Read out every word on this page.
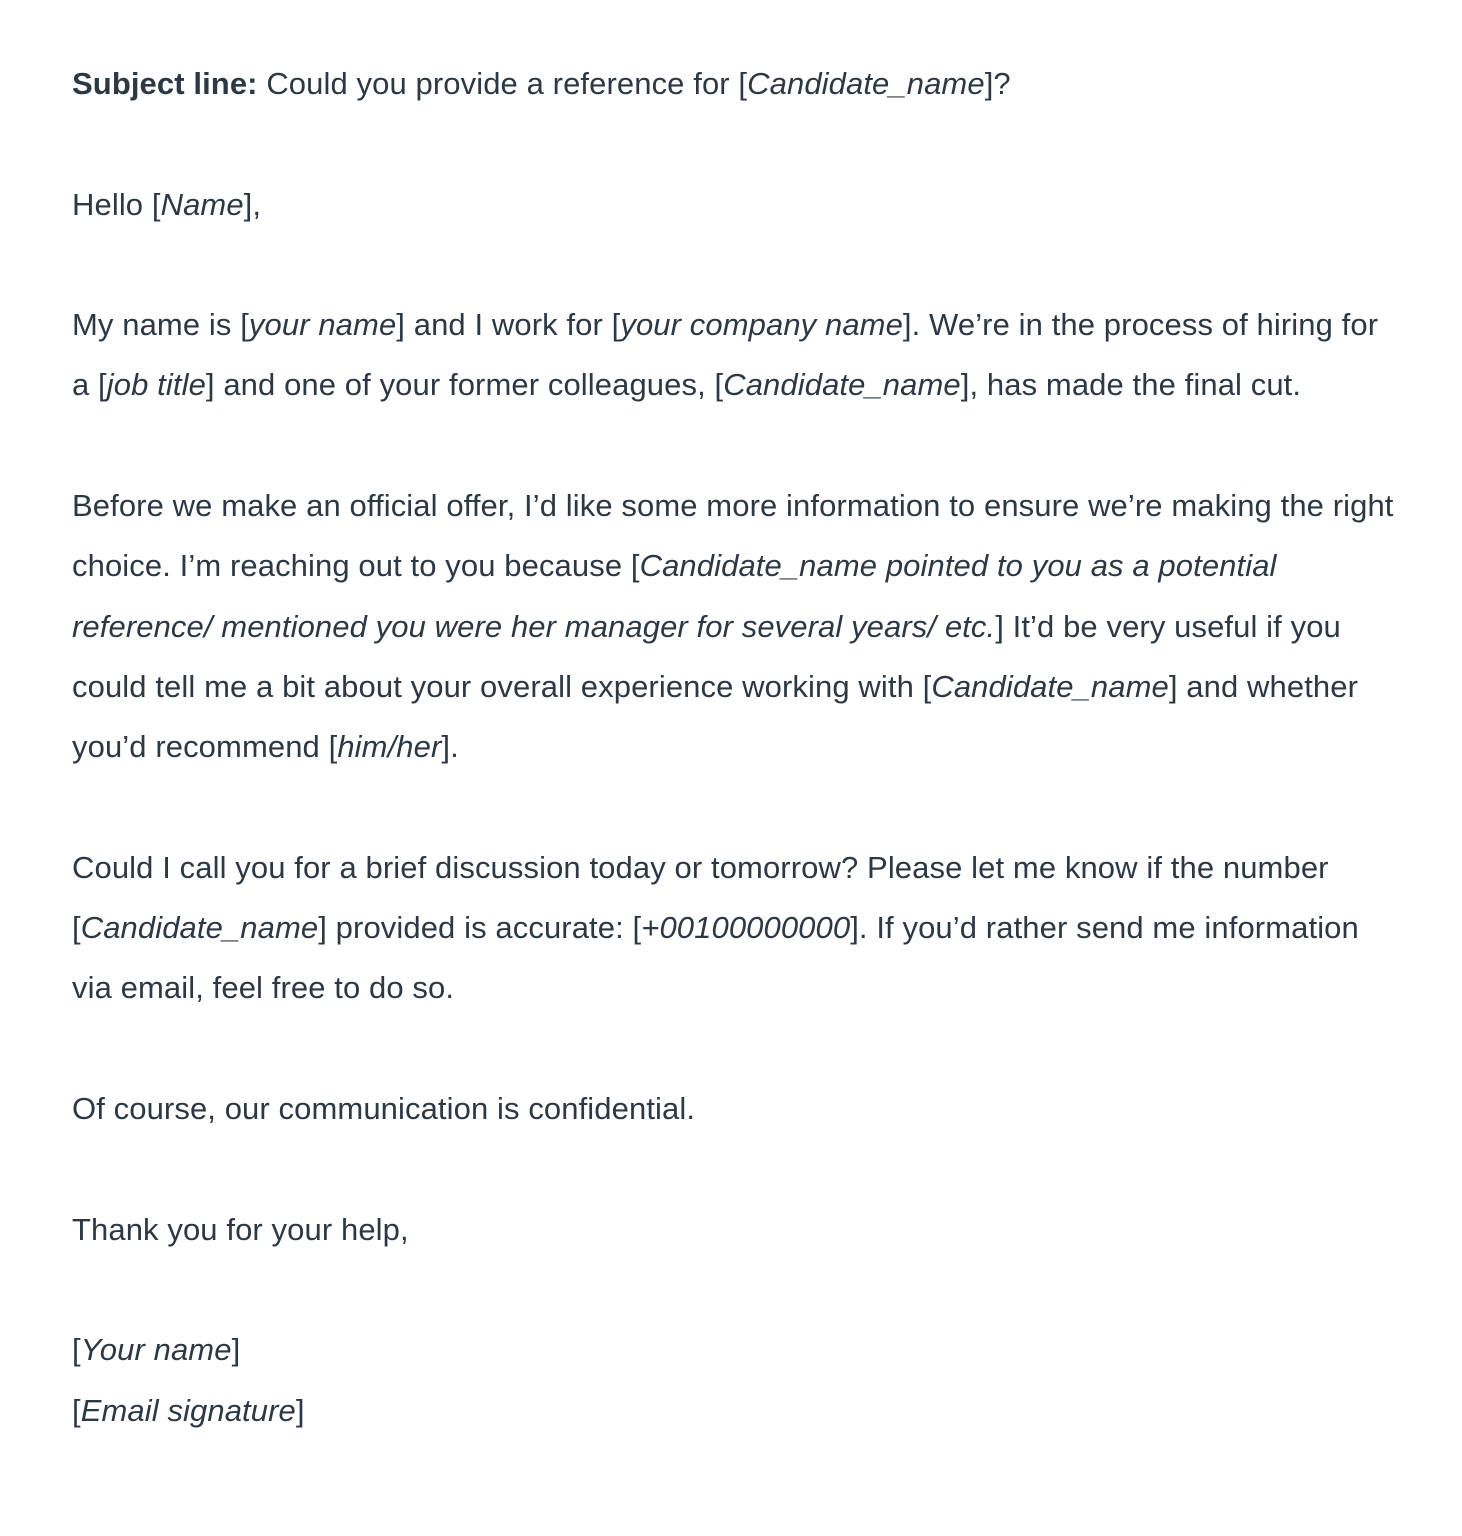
Subject line: Could you provide a reference for [Candidate_name]?

Hello [Name],

My name is [your name] and I work for [your company name]. We’re in the process of hiring for a [job title] and one of your former colleagues, [Candidate_name], has made the final cut.

Before we make an official offer, I’d like some more information to ensure we’re making the right choice. I’m reaching out to you because [Candidate_name pointed to you as a potential reference/ mentioned you were her manager for several years/ etc.] It’d be very useful if you could tell me a bit about your overall experience working with [Candidate_name] and whether you’d recommend [him/her].

Could I call you for a brief discussion today or tomorrow? Please let me know if the number [Candidate_name] provided is accurate: [+00100000000]. If you’d rather send me information via email, feel free to do so.

Of course, our communication is confidential.

Thank you for your help,

[Your name]

[Email signature]
